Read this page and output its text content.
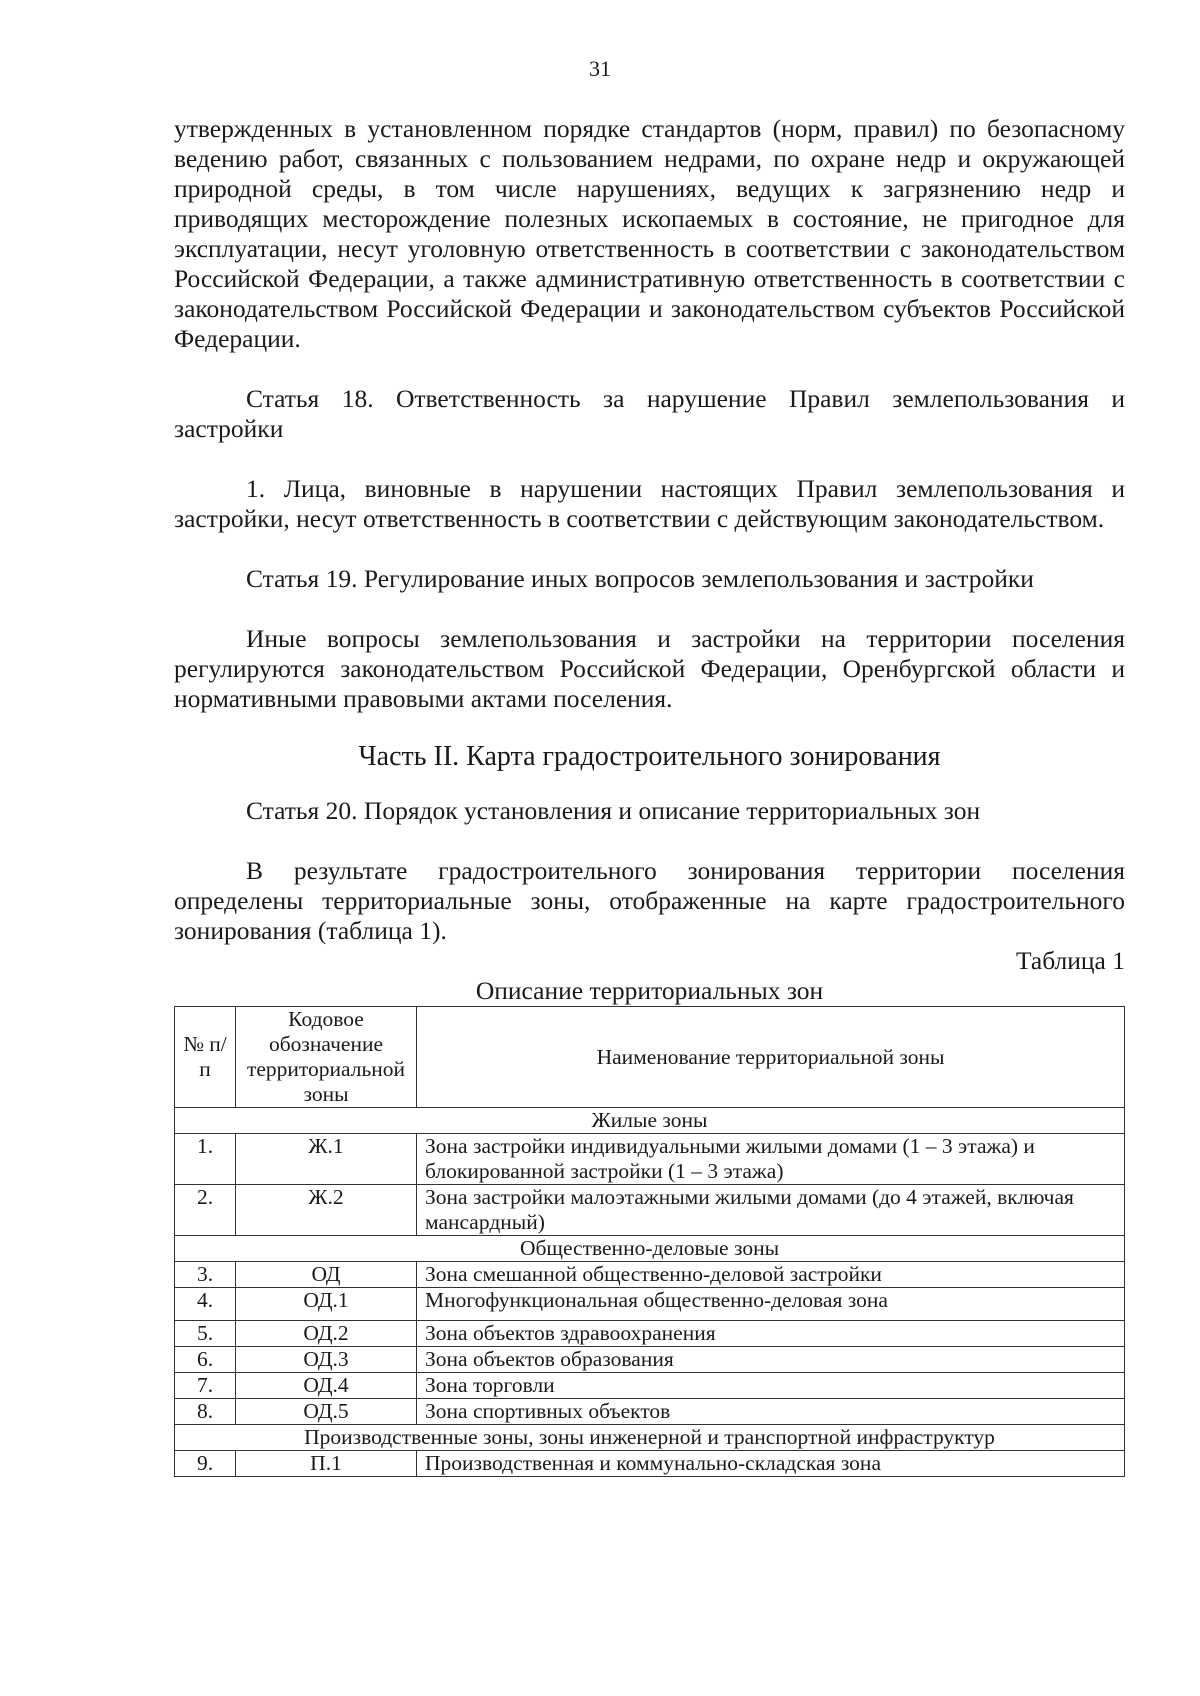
31

утвержденных в установленном порядке стандартов (норм, правил) по безопасному ведению работ, связанных с пользованием недрами, по охране недр и окружающей природной среды, в том числе нарушениях, ведущих к загрязнению недр и приводящих месторождение полезных ископаемых в состояние, не пригодное для эксплуатации, несут уголовную ответственность в соответствии с законодательством Российской Федерации, а также административную ответственность в соответствии с законодательством Российской Федерации и законодательством субъектов Российской Федерации.

Статья 18. Ответственность за нарушение Правил землепользования и застройки

1. Лица, виновные в нарушении настоящих Правил землепользования и застройки, несут ответственность в соответствии с действующим законодательством.

Статья 19. Регулирование иных вопросов землепользования и застройки

Иные вопросы землепользования и застройки на территории поселения регулируются законодательством Российской Федерации, Оренбургской области и нормативными правовыми актами поселения.

Часть II. Карта градостроительного зонирования

Статья 20. Порядок установления и описание территориальных зон

В результате градостроительного зонирования территории поселения определены территориальные зоны, отображенные на карте градостроительного зонирования (таблица 1).

Таблица 1

Описание территориальных зон

№ п/п	Кодовое обозначение территориальной зоны	Наименование территориальной зоны
Жилые зоны		
1.	Ж.1	Зона застройки индивидуальными жилыми домами (1 – 3 этажа) и блокированной застройки (1 – 3 этажа)
2.	Ж.2	Зона застройки малоэтажными жилыми домами (до 4 этажей, включая мансардный)
Общественно-деловые зоны		
3.	ОД	Зона смешанной общественно-деловой застройки
4.	ОД.1	Многофункциональная общественно-деловая зона
5.	ОД.2	Зона объектов здравоохранения
6.	ОД.3	Зона объектов образования
7.	ОД.4	Зона торговли
8.	ОД.5	Зона спортивных объектов
Производственные зоны, зоны инженерной и транспортной инфраструктур		
9.	П.1	Производственная и коммунально-складская зона
